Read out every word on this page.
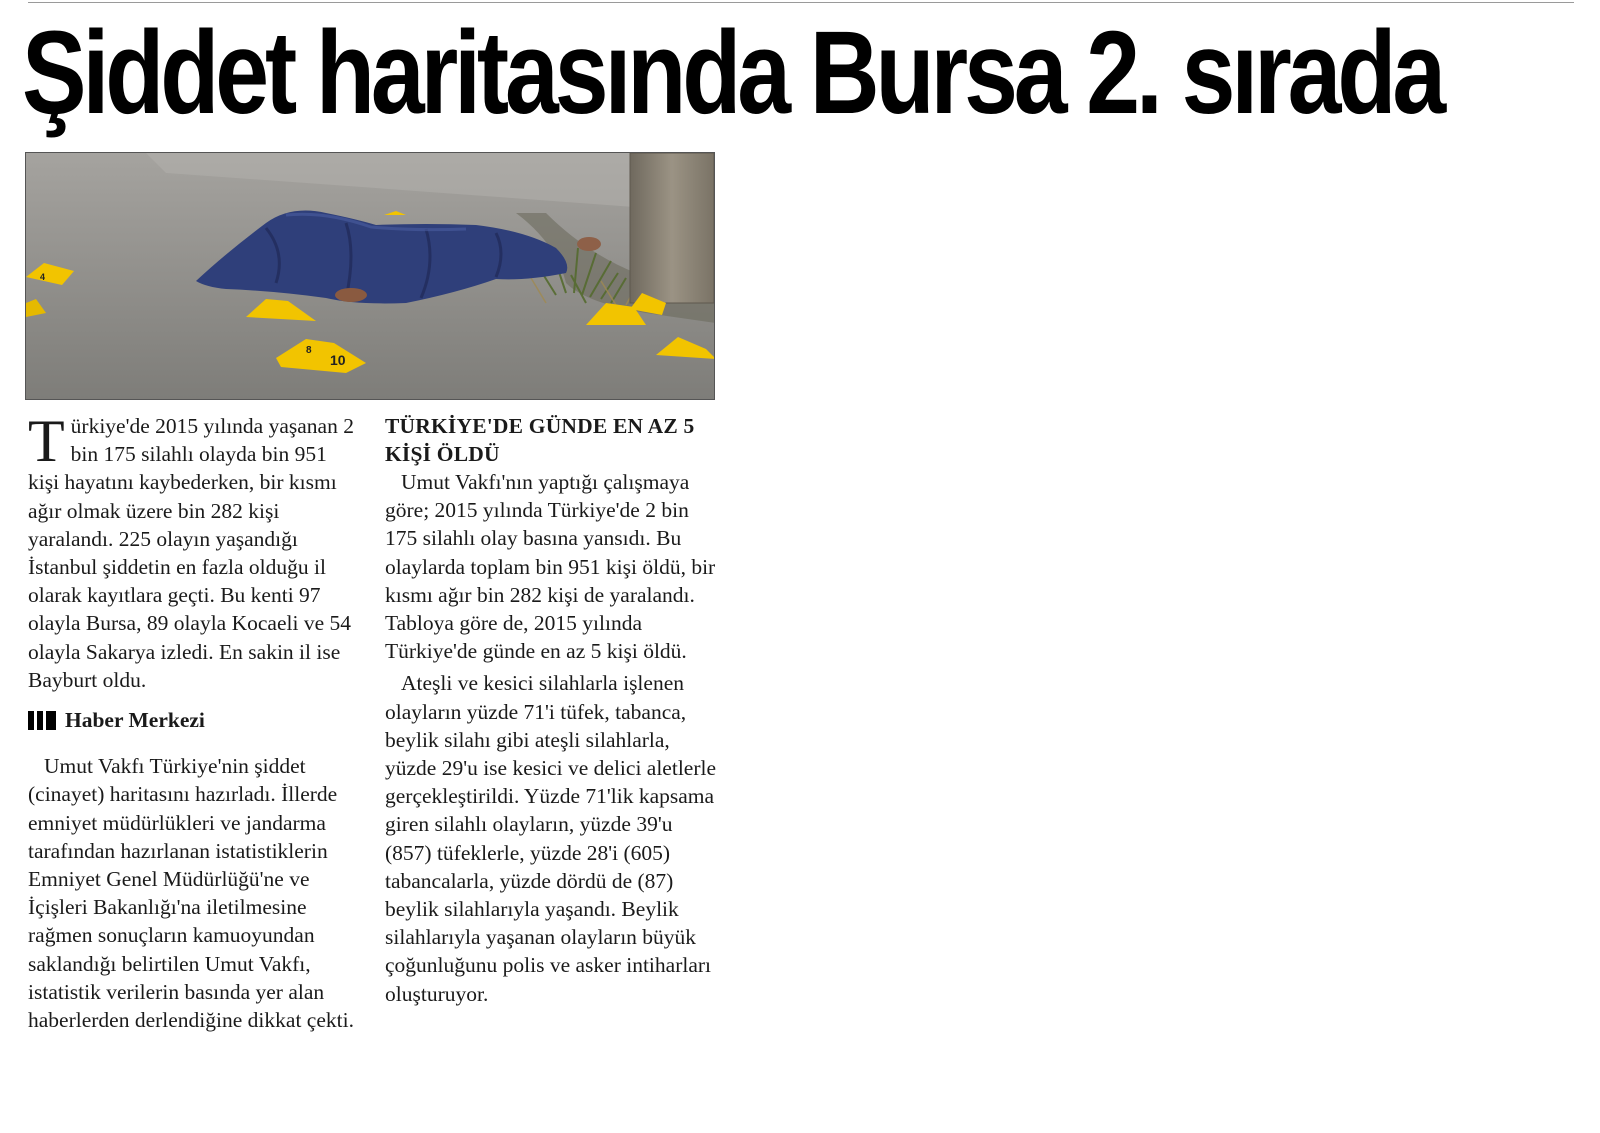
Şiddet haritasında Bursa 2. sırada
4
8
10

Türkiye'de 2015 yılında yaşanan 2 bin 175 silahlı olayda bin 951 kişi hayatını kaybederken, bir kısmı ağır olmak üzere bin 282 kişi yaralandı. 225 olayın yaşandığı İstanbul şiddetin en fazla olduğu il olarak kayıtlara geçti. Bu kenti 97 olayla Bursa, 89 olayla Kocaeli ve 54 olayla Sakarya izledi. En sakin il ise Bayburt oldu.

Haber Merkezi

Umut Vakfı Türkiye'nin şiddet (cinayet) haritasını hazırladı. İllerde emniyet müdürlükleri ve jandarma tarafından hazırlanan istatistiklerin Emniyet Genel Müdürlüğü'ne ve İçişleri Bakanlığı'na iletilmesine rağmen sonuçların kamuoyundan saklandığı belirtilen Umut Vakfı, istatistik verilerin basında yer alan haberlerden derlendiğine dikkat çekti.

TÜRKİYE'DE GÜNDE EN AZ 5 KİŞİ ÖLDÜ

Umut Vakfı'nın yaptığı çalışmaya göre; 2015 yılında Türkiye'de 2 bin 175 silahlı olay basına yansıdı. Bu olaylarda toplam bin 951 kişi öldü, bir kısmı ağır bin 282 kişi de yaralandı. Tabloya göre de, 2015 yılında Türkiye'de günde en az 5 kişi öldü.

Ateşli ve kesici silahlarla işlenen olayların yüzde 71'i tüfek, tabanca, beylik silahı gibi ateşli silahlarla, yüzde 29'u ise kesici ve delici aletlerle gerçekleştirildi. Yüzde 71'lik kapsama giren silahlı olayların, yüzde 39'u (857) tüfeklerle, yüzde 28'i (605) tabancalarla, yüzde dördü de (87) beylik silahlarıyla yaşandı. Beylik silahlarıyla yaşanan olayların büyük çoğunluğunu polis ve asker intiharları oluşturuyor.
